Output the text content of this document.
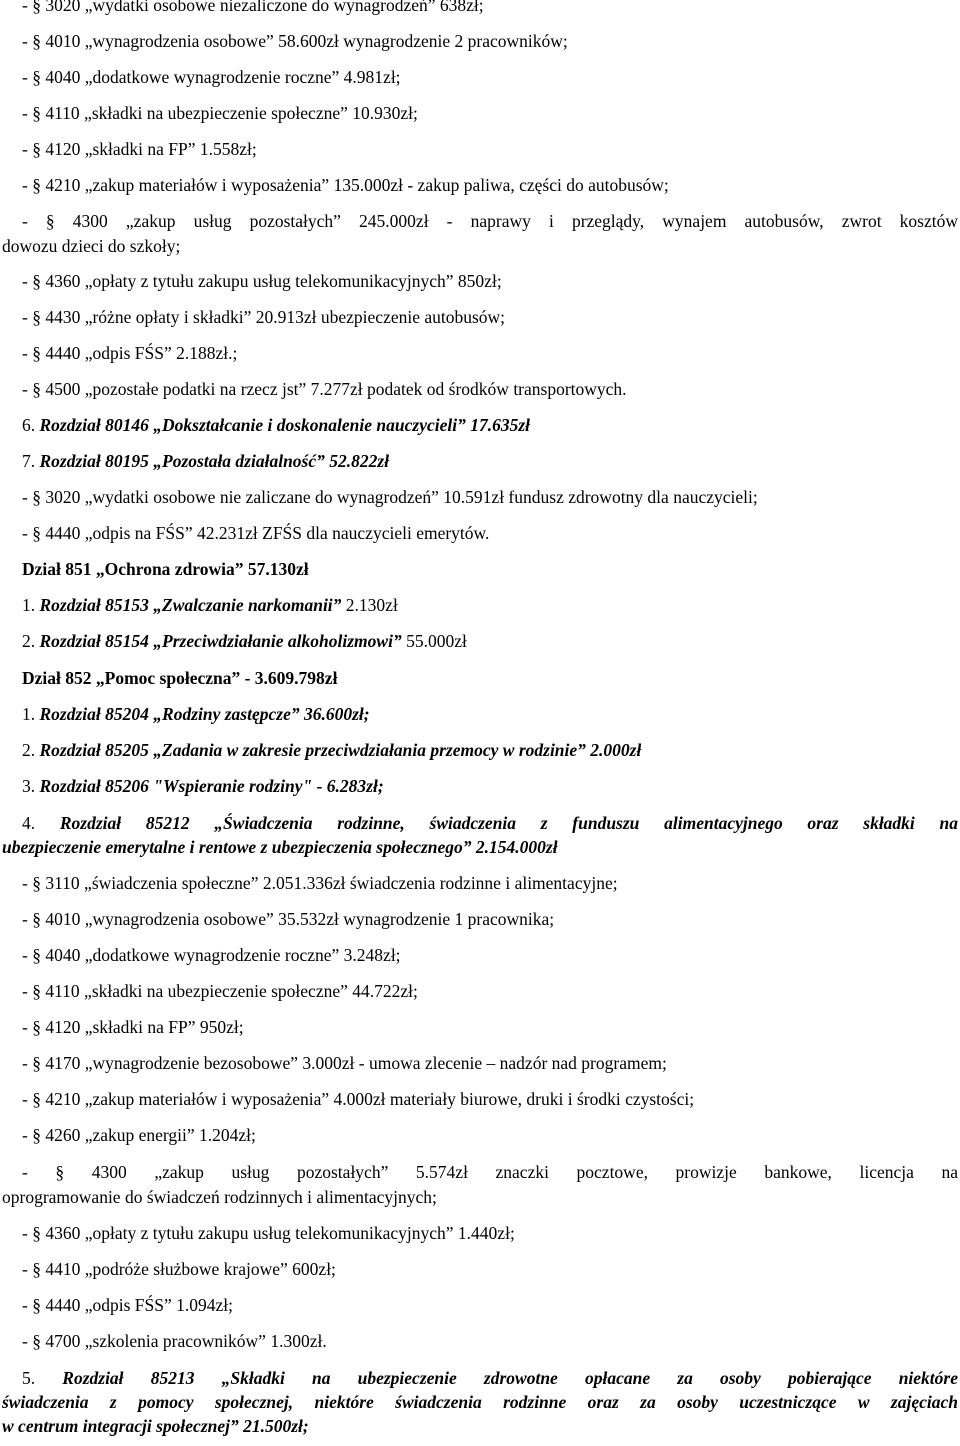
- § 3020 „wydatki osobowe niezaliczone do wynagrodzeń” 638zł;
- § 4010 „wynagrodzenia osobowe” 58.600zł wynagrodzenie 2 pracowników;
- § 4040 „dodatkowe wynagrodzenie roczne” 4.981zł;
- § 4110 „składki na ubezpieczenie społeczne” 10.930zł;
- § 4120 „składki na FP” 1.558zł;
- § 4210 „zakup materiałów i wyposażenia” 135.000zł - zakup paliwa, części do autobusów;
- § 4300 „zakup usług pozostałych” 245.000zł - naprawy i przeglądy, wynajem autobusów, zwrot kosztów
dowozu dzieci do szkoły;
- § 4360 „opłaty z tytułu zakupu usług telekomunikacyjnych” 850zł;
- § 4430 „różne opłaty i składki” 20.913zł ubezpieczenie autobusów;
- § 4440 „odpis FŚS” 2.188zł.;
- § 4500 „pozostałe podatki na rzecz jst” 7.277zł podatek od środków transportowych.
6. Rozdział 80146 „Dokształcanie i doskonalenie nauczycieli” 17.635zł
7. Rozdział 80195 „Pozostała działalność” 52.822zł
- § 3020 „wydatki osobowe nie zaliczane do wynagrodzeń” 10.591zł fundusz zdrowotny dla nauczycieli;
- § 4440 „odpis na FŚS” 42.231zł ZFŚS dla nauczycieli emerytów.
Dział 851 „Ochrona zdrowia” 57.130zł
1. Rozdział 85153 „Zwalczanie narkomanii” 2.130zł
2. Rozdział 85154 „Przeciwdziałanie alkoholizmowi” 55.000zł
Dział 852 „Pomoc społeczna” - 3.609.798zł
1. Rozdział 85204 „Rodziny zastępcze” 36.600zł;
2. Rozdział 85205 „Zadania w zakresie przeciwdziałania przemocy w rodzinie” 2.000zł
3. Rozdział 85206 "Wspieranie rodziny" - 6.283zł;
4. Rozdział 85212 „Świadczenia rodzinne, świadczenia z funduszu alimentacyjnego oraz składki na
ubezpieczenie emerytalne i rentowe z ubezpieczenia społecznego” 2.154.000zł
- § 3110 „świadczenia społeczne” 2.051.336zł świadczenia rodzinne i alimentacyjne;
- § 4010 „wynagrodzenia osobowe” 35.532zł wynagrodzenie 1 pracownika;
- § 4040 „dodatkowe wynagrodzenie roczne” 3.248zł;
- § 4110 „składki na ubezpieczenie społeczne” 44.722zł;
- § 4120 „składki na FP” 950zł;
- § 4170 „wynagrodzenie bezosobowe” 3.000zł - umowa zlecenie – nadzór nad programem;
- § 4210 „zakup materiałów i wyposażenia” 4.000zł materiały biurowe, druki i środki czystości;
- § 4260 „zakup energii” 1.204zł;
- § 4300 „zakup usług pozostałych” 5.574zł znaczki pocztowe, prowizje bankowe, licencja na
oprogramowanie do świadczeń rodzinnych i alimentacyjnych;
- § 4360 „opłaty z tytułu zakupu usług telekomunikacyjnych” 1.440zł;
- § 4410 „podróże służbowe krajowe” 600zł;
- § 4440 „odpis FŚS” 1.094zł;
- § 4700 „szkolenia pracowników” 1.300zł.
5. Rozdział 85213 „Składki na ubezpieczenie zdrowotne opłacane za osoby pobierające niektóre
świadczenia z pomocy społecznej, niektóre świadczenia rodzinne oraz za osoby uczestniczące w zajęciach
w centrum integracji społecznej” 21.500zł;
